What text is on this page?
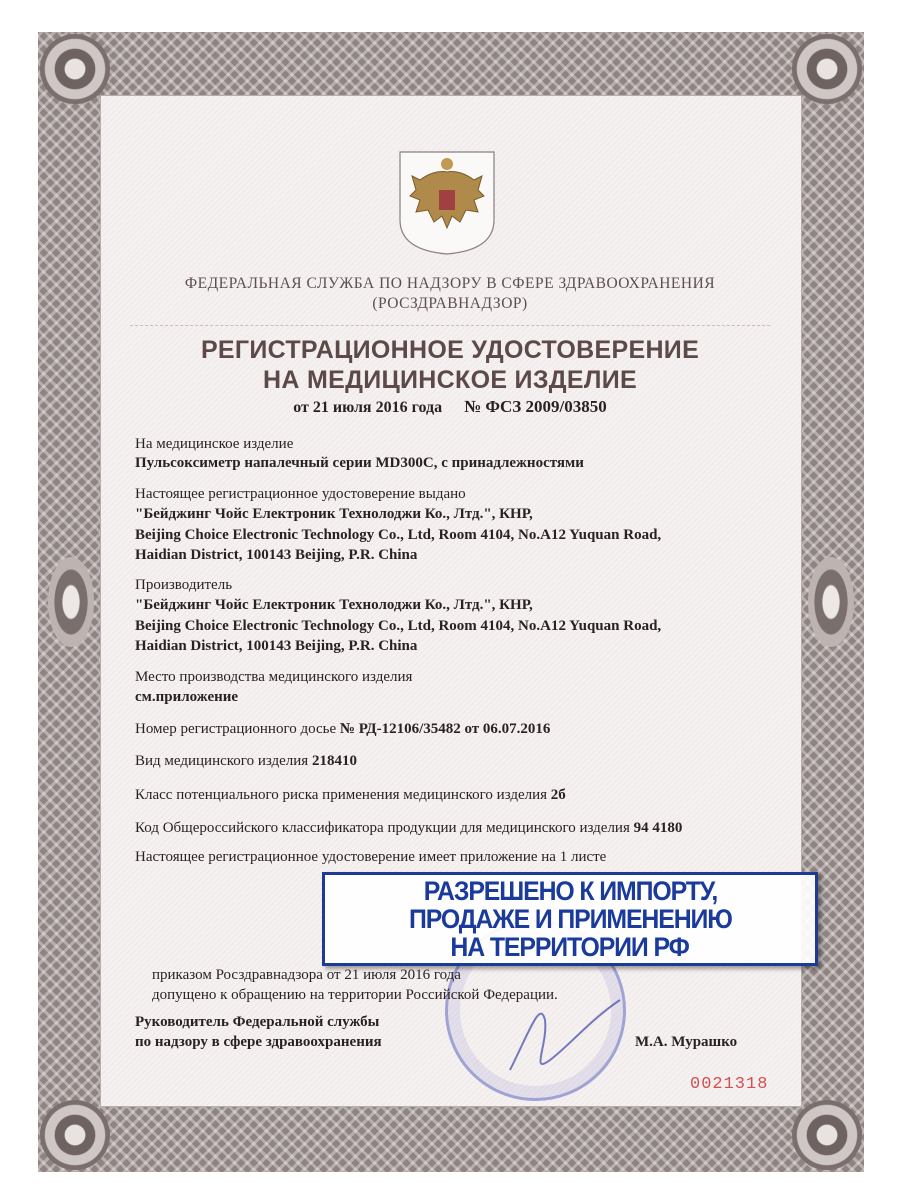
ФЕДЕРАЛЬНАЯ СЛУЖБА ПО НАДЗОРУ В СФЕРЕ ЗДРАВООХРАНЕНИЯ
(РОСЗДРАВНАДЗОР)
РЕГИСТРАЦИОННОЕ УДОСТОВЕРЕНИЕ
НА МЕДИЦИНСКОЕ ИЗДЕЛИЕ
от 21 июля 2016 года № ФСЗ 2009/03850
На медицинское изделие
Пульсоксиметр напалечный серии MD300C, с принадлежностями
Настоящее регистрационное удостоверение выдано
"Бейджинг Чойс Електроник Технолоджи Ко., Лтд.", КНР,
Beijing Choice Electronic Technology Co., Ltd, Room 4104, No.A12 Yuquan Road,
Haidian District, 100143 Beijing, P.R. China
Производитель
"Бейджинг Чойс Електроник Технолоджи Ко., Лтд.", КНР,
Beijing Choice Electronic Technology Co., Ltd, Room 4104, No.A12 Yuquan Road,
Haidian District, 100143 Beijing, P.R. China
Место производства медицинского изделия
см.приложение
Номер регистрационного досье № РД-12106/35482 от 06.07.2016
Вид медицинского изделия 218410
Класс потенциального риска применения медицинского изделия 2б
Код Общероссийского классификатора продукции для медицинского изделия 94 4180
Настоящее регистрационное удостоверение имеет приложение на 1 листе
приказом Росздравнадзора от 21 июля 2016 года
допущено к обращению на территории Российской Федерации.
Руководитель Федеральной службы
по надзору в сфере здравоохранения	М.А. Мурашко
0021318
РАЗРЕШЕНО К ИМПОРТУ,
ПРОДАЖЕ И ПРИМЕНЕНИЮ
НА ТЕРРИТОРИИ РФ
